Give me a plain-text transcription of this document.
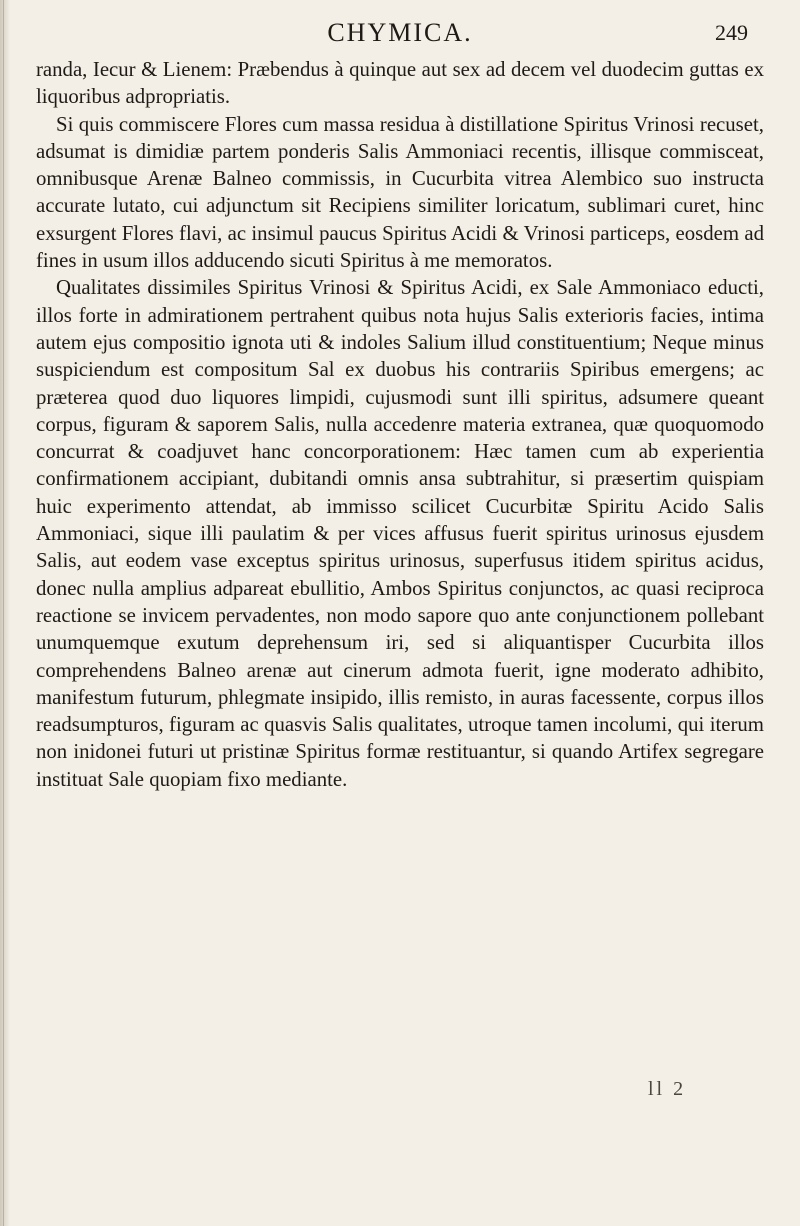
CHYMICA.	249

randa, Iecur & Lienem: Præbendus à quinque aut sex ad decem vel duodecim guttas ex liquoribus adpropriatis.

Si quis commiscere Flores cum massa residua à distillatione Spiritus Vrinosi recuset, adsumat is dimidiæ partem ponderis Salis Ammoniaci recentis, illisque commisceat, omnibusque Arenæ Balneo commissis, in Cucurbita vitrea Alembico suo instructa accurate lutato, cui adjunctum sit Recipiens similiter loricatum, sublimari curet, hinc exsurgent Flores flavi, ac insimul paucus Spiritus Acidi & Vrinosi particeps, eosdem ad fines in usum illos adducendo sicuti Spiritus à me memoratos.

Qualitates dissimiles Spiritus Vrinosi & Spiritus Acidi, ex Sale Ammoniaco educti, illos forte in admirationem pertrahent quibus nota hujus Salis exterioris facies, intima autem ejus compositio ignota uti & indoles Salium illud constituentium; Neque minus suspiciendum est compositum Sal ex duobus his contrariis Spiribus emergens; ac præterea quod duo liquores limpidi, cujusmodi sunt illi spiritus, adsumere queant corpus, figuram & saporem Salis, nulla accedenre materia extranea, quæ quoquomodo concurrat & coadjuvet hanc concorporationem: Hæc tamen cum ab experientia confirmationem accipiant, dubitandi omnis ansa subtrahitur, si præsertim quispiam huic experimento attendat, ab immisso scilicet Cucurbitæ Spiritu Acido Salis Ammoniaci, sique illi paulatim & per vices affusus fuerit spiritus urinosus ejusdem Salis, aut eodem vase exceptus spiritus urinosus, superfusus itidem spiritus acidus, donec nulla amplius adpareat ebullitio, Ambos Spiritus conjunctos, ac quasi reciproca reactione se invicem pervadentes, non modo sapore quo ante conjunctionem pollebant unumquemque exutum deprehensum iri, sed si aliquantisper Cucurbita illos comprehendens Balneo arenæ aut cinerum admota fuerit, igne moderato adhibito, manifestum futurum, phlegmate insipido, illis remisto, in auras facessente, corpus illos readsumpturos, figuram ac quasvis Salis qualitates, utroque tamen incolumi, qui iterum non inidonei futuri ut pristinæ Spiritus formæ restituantur, si quando Artifex segregare instituat Sale quopiam fixo mediante.

ll 2
